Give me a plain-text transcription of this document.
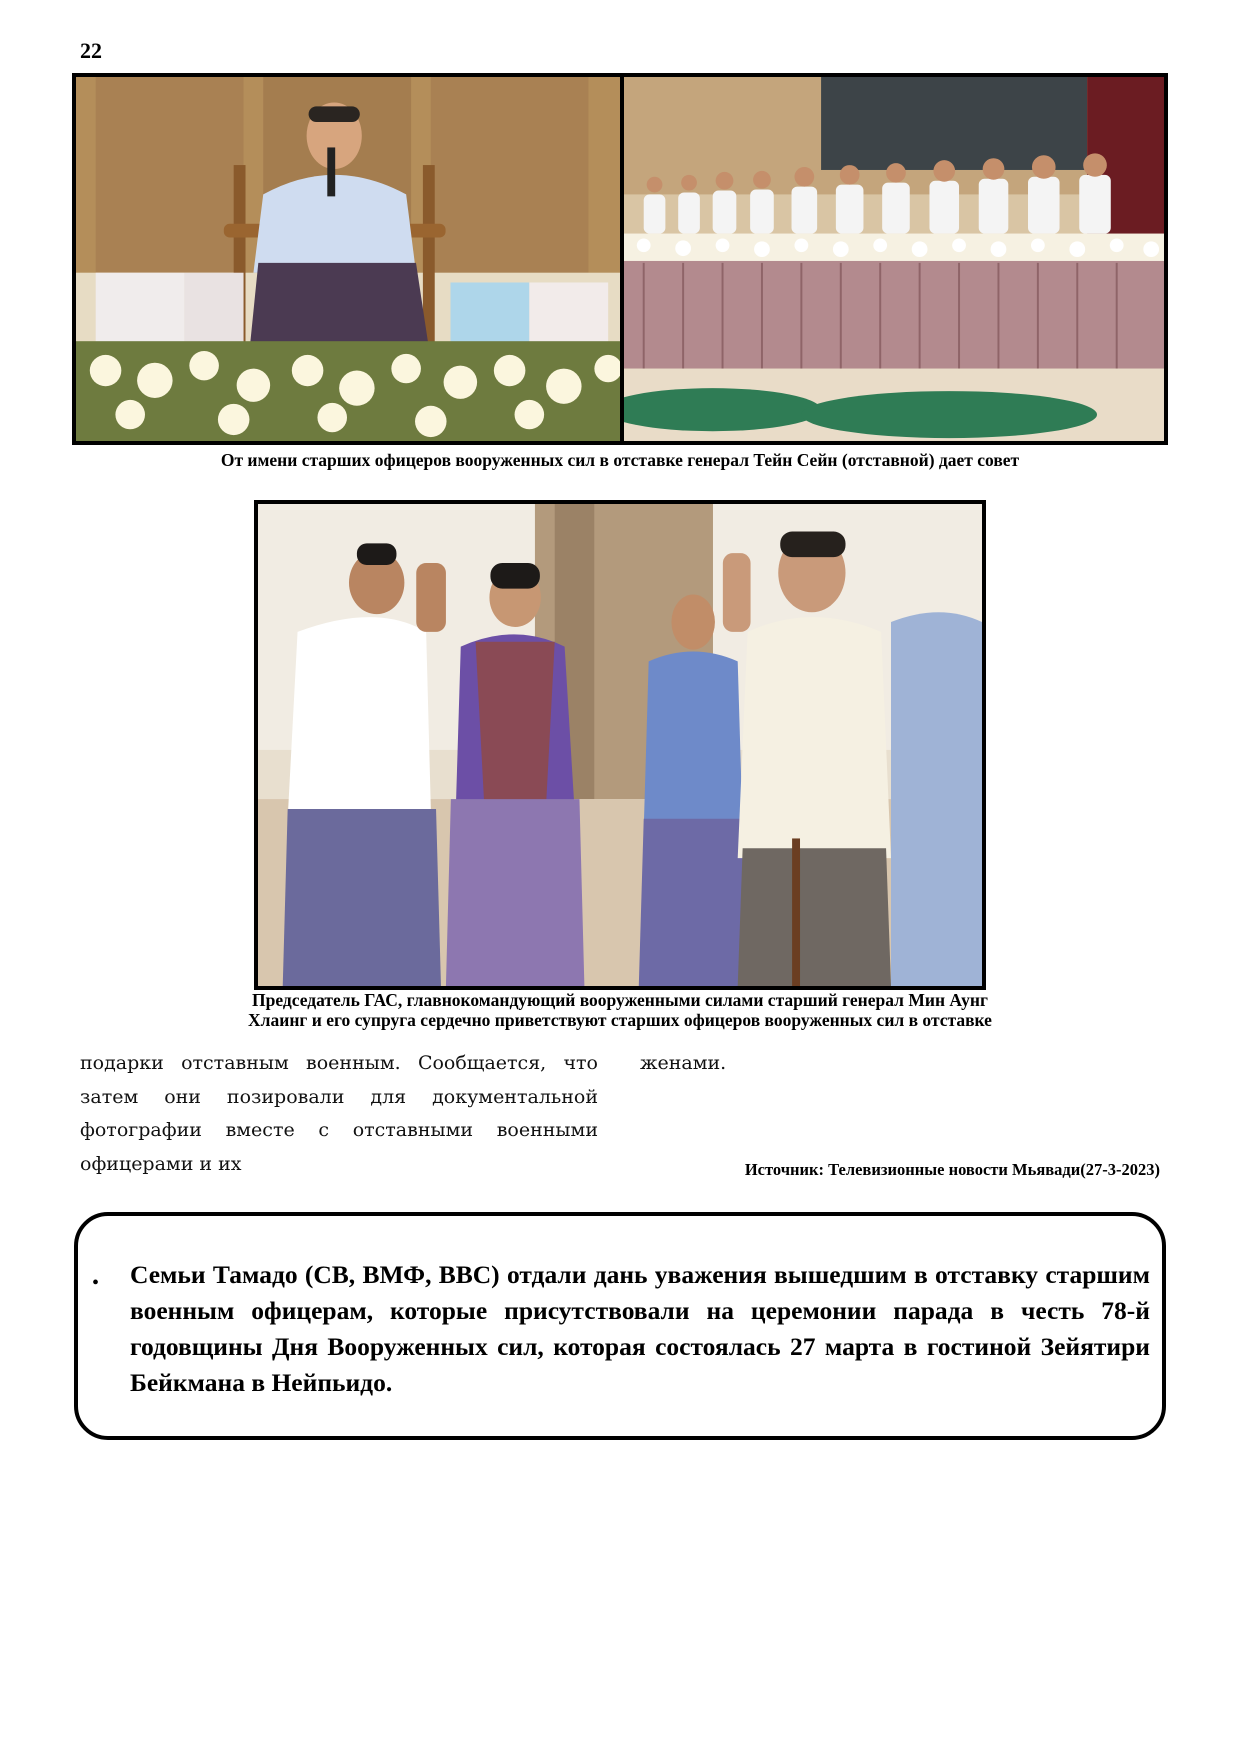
22
От имени старших офицеров вооруженных сил в отставке генерал Тейн Сейн (отставной) дает совет
Председатель ГАС, главнокомандующий вооруженными силами старший генерал Мин Аунг
Хлаинг и его супруга сердечно приветствуют старших офицеров вооруженных сил в отставке
подарки отставным военным. Сообщается, что затем они позировали для документальной фотографии вместе с отставными военными офицерами и их
женами.
Источник: Телевизионные новости Мьявади(27-3-2023)
• Семьи Тамадо (СВ, ВМФ, ВВС) отдали дань уважения вышедшим в отставку старшим военным офицерам, которые присутствовали на церемонии парада в честь 78-й годовщины Дня Вооруженных сил, которая состоялась 27 марта в гостиной Зейятири Бейкмана в Нейпьидо.
